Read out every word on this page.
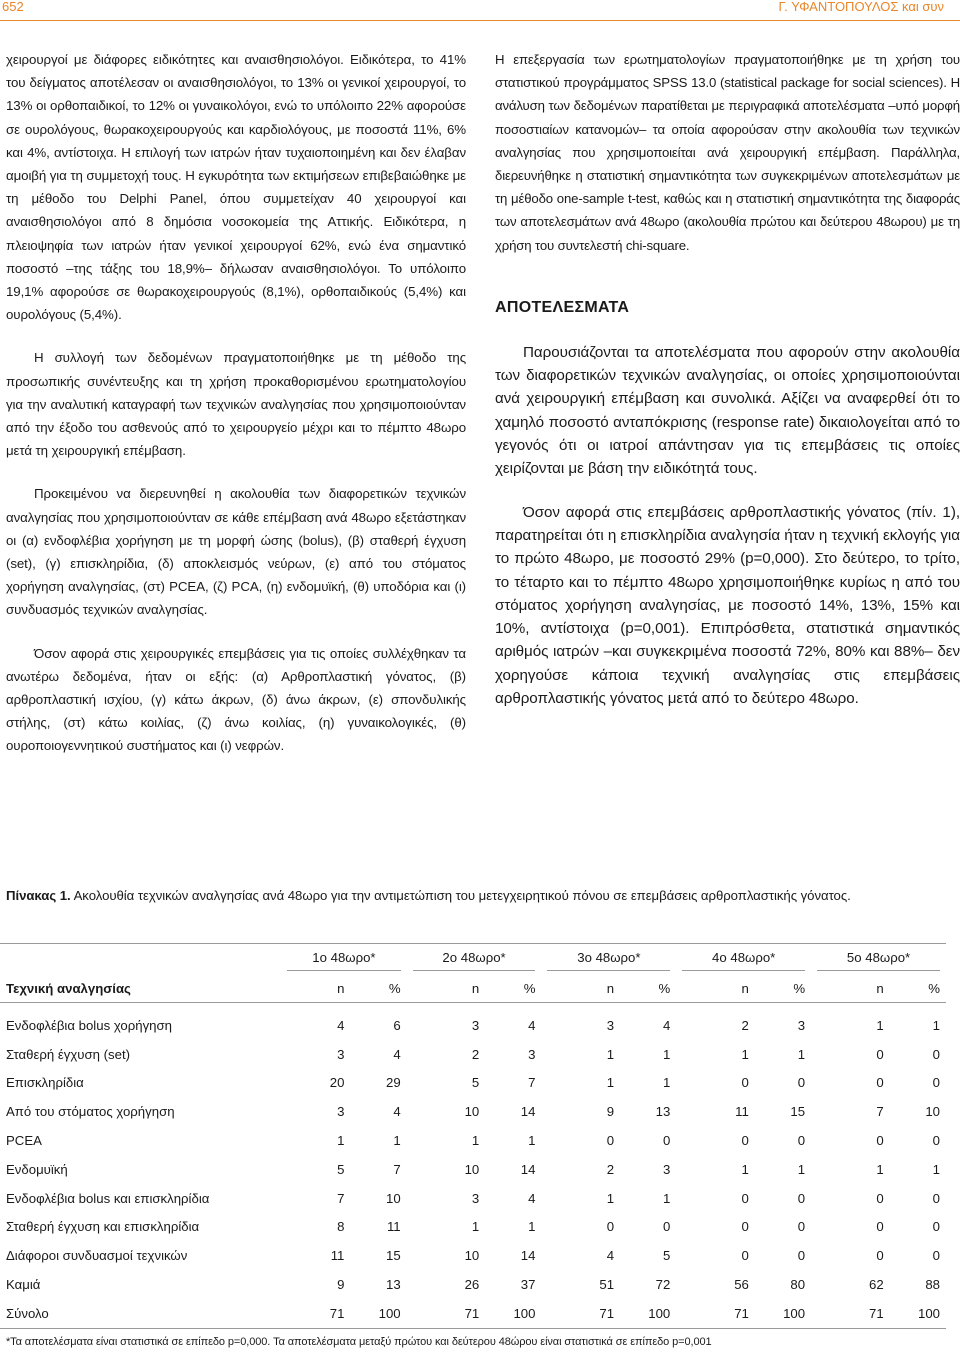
652	Γ. ΥΦΑΝΤΟΠΟΥΛΟΣ και συν

χειρουργοί με διάφορες ειδικότητες και αναισθησιολόγοι. Ειδικότερα, το 41% του δείγματος αποτέλεσαν οι αναισθησιολόγοι, το 13% οι γενικοί χειρουργοί, το 13% οι ορθοπαιδικοί, το 12% οι γυναικολόγοι, ενώ το υπόλοιπο 22% αφορούσε σε ουρολόγους, θωρακοχειρουργούς και καρδιολόγους, με ποσοστά 11%, 6% και 4%, αντίστοιχα. Η επιλογή των ιατρών ήταν τυχαιοποιημένη και δεν έλαβαν αμοιβή για τη συμμετοχή τους. Η εγκυρότητα των εκτιμήσεων επιβεβαιώθηκε με τη μέθοδο του Delphi Panel, όπου συμμετείχαν 40 χειρουργοί και αναισθησιολόγοι από 8 δημόσια νοσοκομεία της Αττικής. Ειδικότερα, η πλειοψηφία των ιατρών ήταν γενικοί χειρουργοί 62%, ενώ ένα σημαντικό ποσοστό –της τάξης του 18,9%– δήλωσαν αναισθησιολόγοι. Το υπόλοιπο 19,1% αφορούσε σε θωρακοχειρουργούς (8,1%), ορθοπαιδικούς (5,4%) και ουρολόγους (5,4%).

Η συλλογή των δεδομένων πραγματοποιήθηκε με τη μέθοδο της προσωπικής συνέντευξης και τη χρήση προκαθορισμένου ερωτηματολογίου για την αναλυτική καταγραφή των τεχνικών αναλγησίας που χρησιμοποιούνταν από την έξοδο του ασθενούς από το χειρουργείο μέχρι και το πέμπτο 48ωρο μετά τη χειρουργική επέμβαση.

Προκειμένου να διερευνηθεί η ακολουθία των διαφορετικών τεχνικών αναλγησίας που χρησιμοποιούνταν σε κάθε επέμβαση ανά 48ωρο εξετάστηκαν οι (α) ενδοφλέβια χορήγηση με τη μορφή ώσης (bolus), (β) σταθερή έγχυση (set), (γ) επισκληρίδια, (δ) αποκλεισμός νεύρων, (ε) από του στόματος χορήγηση αναλγησίας, (στ) PCEA, (ζ) PCA, (η) ενδομυϊκή, (θ) υποδόρια και (ι) συνδυασμός τεχνικών αναλγησίας.

Όσον αφορά στις χειρουργικές επεμβάσεις για τις οποίες συλλέχθηκαν τα ανωτέρω δεδομένα, ήταν οι εξής: (α) Αρθροπλαστική γόνατος, (β) αρθροπλαστική ισχίου, (γ) κάτω άκρων, (δ) άνω άκρων, (ε) σπονδυλικής στήλης, (στ) κάτω κοιλίας, (ζ) άνω κοιλίας, (η) γυναικολογικές, (θ) ουροποιογεννητικού συστήματος και (ι) νεφρών.

Η επεξεργασία των ερωτηματολογίων πραγματοποιήθηκε με τη χρήση του στατιστικού προγράμματος SPSS 13.0 (statistical package for social sciences). Η ανάλυση των δεδομένων παρατίθεται με περιγραφικά αποτελέσματα –υπό μορφή ποσοστιαίων κατανομών– τα οποία αφορούσαν στην ακολουθία των τεχνικών αναλγησίας που χρησιμοποιείται ανά χειρουργική επέμβαση. Παράλληλα, διερευνήθηκε η στατιστική σημαντικότητα των συγκεκριμένων αποτελεσμάτων με τη μέθοδο one-sample t-test, καθώς και η στατιστική σημαντικότητα της διαφοράς των αποτελεσμάτων ανά 48ωρο (ακολουθία πρώτου και δεύτερου 48ωρου) με τη χρήση του συντελεστή chi-square.

ΑΠΟΤΕΛΕΣΜΑΤΑ

Παρουσιάζονται τα αποτελέσματα που αφορούν στην ακολουθία των διαφορετικών τεχνικών αναλγησίας, οι οποίες χρησιμοποιούνται ανά χειρουργική επέμβαση και συνολικά. Αξίζει να αναφερθεί ότι το χαμηλό ποσοστό ανταπόκρισης (response rate) δικαιολογείται από το γεγονός ότι οι ιατροί απάντησαν για τις επεμβάσεις τις οποίες χειρίζονται με βάση την ειδικότητά τους.

Όσον αφορά στις επεμβάσεις αρθροπλαστικής γόνατος (πίν. 1), παρατηρείται ότι η επισκληρίδια αναλγησία ήταν η τεχνική εκλογής για το πρώτο 48ωρο, με ποσοστό 29% (p=0,000). Στο δεύτερο, το τρίτο, το τέταρτο και το πέμπτο 48ωρο χρησιμοποιήθηκε κυρίως η από του στόματος χορήγηση αναλγησίας, με ποσοστό 14%, 13%, 15% και 10%, αντίστοιχα (p=0,001). Επιπρόσθετα, στατιστικά σημαντικός αριθμός ιατρών –και συγκεκριμένα ποσοστά 72%, 80% και 88%– δεν χορηγούσε κάποια τεχνική αναλγησίας στις επεμβάσεις αρθροπλαστικής γόνατος μετά από το δεύτερο 48ωρο.

Πίνακας 1. Ακολουθία τεχνικών αναλγησίας ανά 48ωρο για την αντιμετώπιση του μετεγχειρητικού πόνου σε επεμβάσεις αρθροπλαστικής γόνατος.

	1ο 48ωρο*		2ο 48ωρο*		3ο 48ωρο*		4ο 48ωρο*		5ο 48ωρο*	

Τεχνική αναλγησίας	n	%	n	%	n	%	n	%	n	%

Ενδοφλέβια bolus χορήγηση	4	6	3	4	3	4	2	3	1	1
Σταθερή έγχυση (set)	3	4	2	3	1	1	1	1	0	0
Επισκληρίδια	20	29	5	7	1	1	0	0	0	0
Από του στόματος χορήγηση	3	4	10	14	9	13	11	15	7	10
PCEA	1	1	1	1	0	0	0	0	0	0
Ενδομυϊκή	5	7	10	14	2	3	1	1	1	1
Ενδοφλέβια bolus και επισκληρίδια	7	10	3	4	1	1	0	0	0	0
Σταθερή έγχυση και επισκληρίδια	8	11	1	1	0	0	0	0	0	0
Διάφοροι συνδυασμοί τεχνικών	11	15	10	14	4	5	0	0	0	0
Καμιά	9	13	26	37	51	72	56	80	62	88
Σύνολο	71	100	71	100	71	100	71	100	71	100

*Τα αποτελέσματα είναι στατιστικά σε επίπεδο p=0,000. Τα αποτελέσματα μεταξύ πρώτου και δεύτερου 48ώρου είναι στατιστικά σε επίπεδο p=0,001
